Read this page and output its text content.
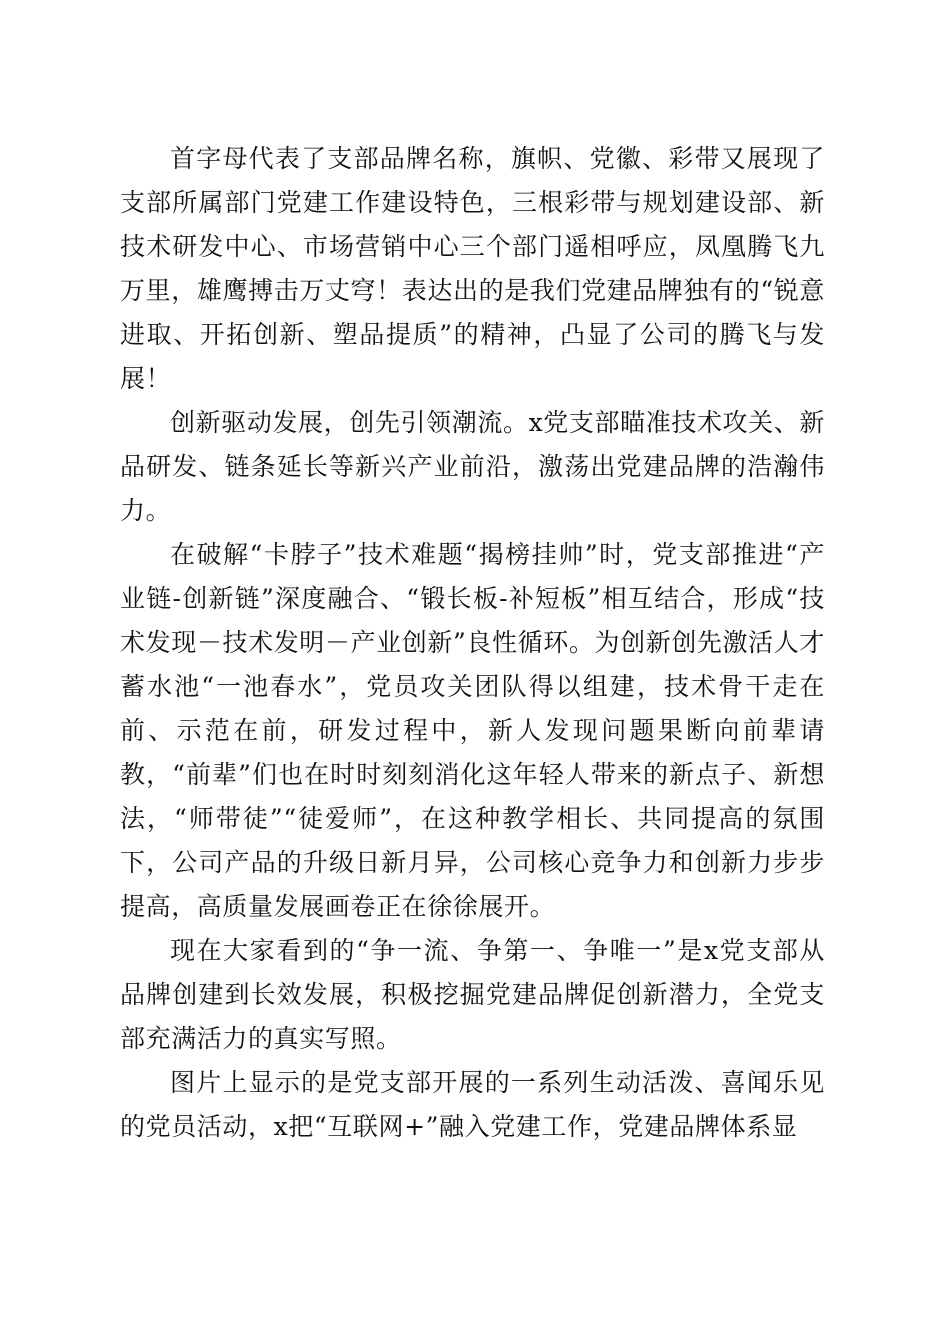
首字母代表了支部品牌名称，旗帜、党徽、彩带又展现了支部所属部门党建工作建设特色，三根彩带与规划建设部、新技术研发中心、市场营销中心三个部门遥相呼应，凤凰腾飞九万里，雄鹰搏击万丈穹！表达出的是我们党建品牌独有的“锐意进取、开拓创新、塑品提质”的精神，凸显了公司的腾飞与发展！

创新驱动发展，创先引领潮流。x党支部瞄准技术攻关、新品研发、链条延长等新兴产业前沿，激荡出党建品牌的浩瀚伟力。

在破解“卡脖子”技术难题“揭榜挂帅”时，党支部推进“产业链-创新链”深度融合、“锻长板-补短板”相互结合，形成“技术发现－技术发明－产业创新”良性循环。为创新创先激活人才蓄水池“一池春水”，党员攻关团队得以组建，技术骨干走在前、示范在前，研发过程中，新人发现问题果断向前辈请教，“前辈”们也在时时刻刻消化这年轻人带来的新点子、新想法，“师带徒”“徒爱师”，在这种教学相长、共同提高的氛围下，公司产品的升级日新月异，公司核心竞争力和创新力步步提高，高质量发展画卷正在徐徐展开。

现在大家看到的“争一流、争第一、争唯一”是x党支部从品牌创建到长效发展，积极挖掘党建品牌促创新潜力，全党支部充满活力的真实写照。

图片上显示的是党支部开展的一系列生动活泼、喜闻乐见的党员活动，x把“互联网+”融入党建工作，党建品牌体系显
